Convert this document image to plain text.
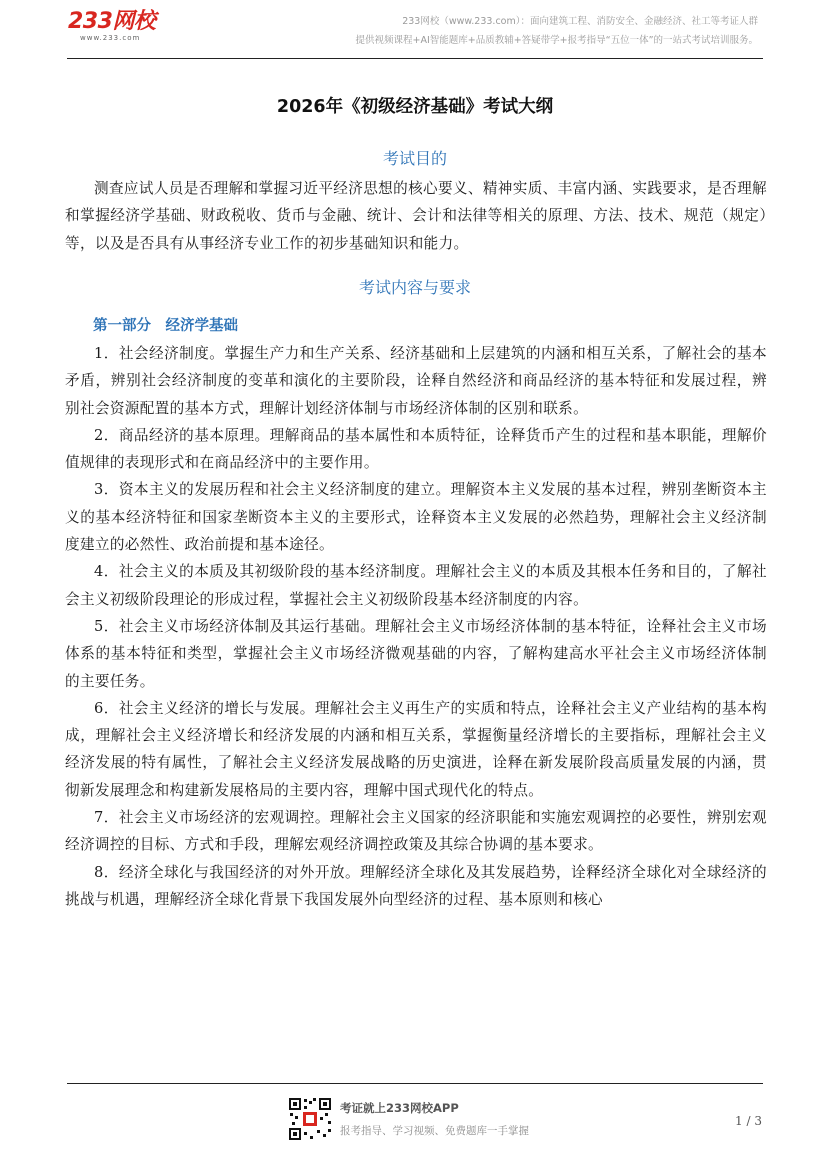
233网校
www.233.com
233网校（www.233.com）：面向建筑工程、消防安全、金融经济、社工等考证人群
提供视频课程+AI智能题库+品质教辅+答疑带学+报考指导“五位一体”的一站式考试培训服务。
2026年《初级经济基础》考试大纲
考试目的

测查应试人员是否理解和掌握习近平经济思想的核心要义、精神实质、丰富内涵、实践要求，是否理解和掌握经济学基础、财政税收、货币与金融、统计、会计和法律等相关的原理、方法、技术、规范（规定）等，以及是否具有从事经济专业工作的初步基础知识和能力。

考试内容与要求
第一部分　经济学基础

1．社会经济制度。掌握生产力和生产关系、经济基础和上层建筑的内涵和相互关系，了解社会的基本矛盾，辨别社会经济制度的变革和演化的主要阶段，诠释自然经济和商品经济的基本特征和发展过程，辨别社会资源配置的基本方式，理解计划经济体制与市场经济体制的区别和联系。

2．商品经济的基本原理。理解商品的基本属性和本质特征，诠释货币产生的过程和基本职能，理解价值规律的表现形式和在商品经济中的主要作用。

3．资本主义的发展历程和社会主义经济制度的建立。理解资本主义发展的基本过程，辨别垄断资本主义的基本经济特征和国家垄断资本主义的主要形式，诠释资本主义发展的必然趋势，理解社会主义经济制度建立的必然性、政治前提和基本途径。

4．社会主义的本质及其初级阶段的基本经济制度。理解社会主义的本质及其根本任务和目的，了解社会主义初级阶段理论的形成过程，掌握社会主义初级阶段基本经济制度的内容。

5．社会主义市场经济体制及其运行基础。理解社会主义市场经济体制的基本特征，诠释社会主义市场体系的基本特征和类型，掌握社会主义市场经济微观基础的内容，了解构建高水平社会主义市场经济体制的主要任务。

6．社会主义经济的增长与发展。理解社会主义再生产的实质和特点，诠释社会主义产业结构的基本构成，理解社会主义经济增长和经济发展的内涵和相互关系，掌握衡量经济增长的主要指标，理解社会主义经济发展的特有属性，了解社会主义经济发展战略的历史演进，诠释在新发展阶段高质量发展的内涵，贯彻新发展理念和构建新发展格局的主要内容，理解中国式现代化的特点。

7．社会主义市场经济的宏观调控。理解社会主义国家的经济职能和实施宏观调控的必要性，辨别宏观经济调控的目标、方式和手段，理解宏观经济调控政策及其综合协调的基本要求。

8．经济全球化与我国经济的对外开放。理解经济全球化及其发展趋势，诠释经济全球化对全球经济的挑战与机遇，理解经济全球化背景下我国发展外向型经济的过程、基本原则和核心

考证就上233网校APP
报考指导、学习视频、免费题库一手掌握
1 / 3
